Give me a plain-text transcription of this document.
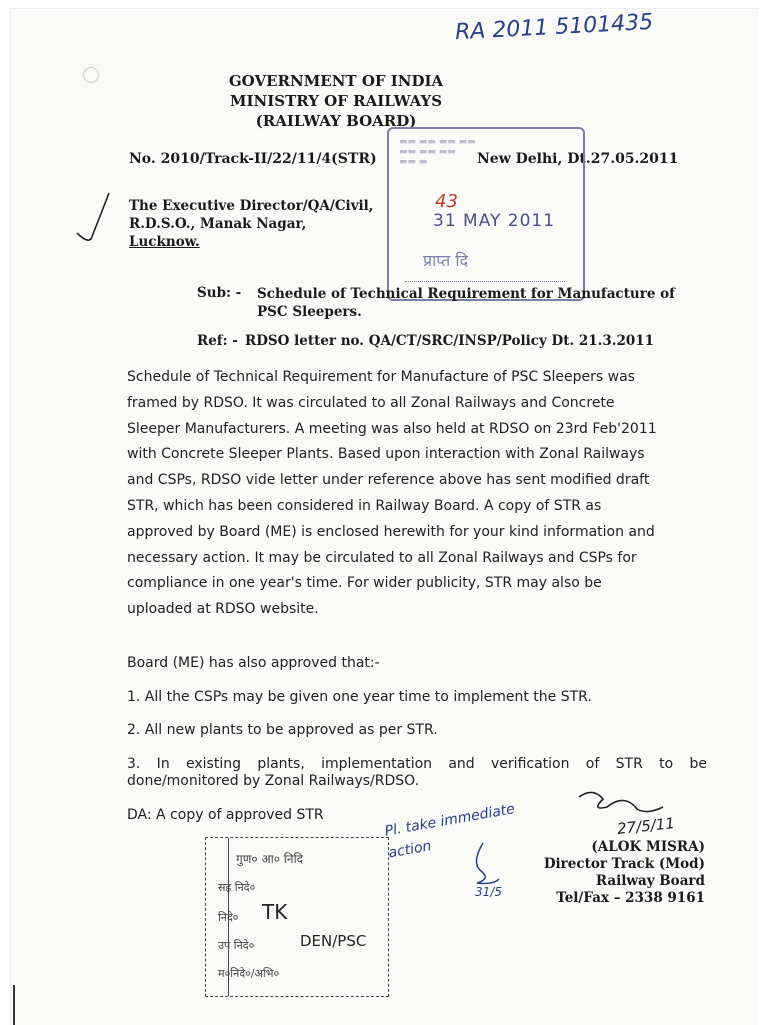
RA 2011 5101435
GOVERNMENT OF INDIA
MINISTRY OF RAILWAYS
(RAILWAY BOARD)
No. 2010/Track-II/22/11/4(STR)	New Delhi, Dt.27.05.2011
The Executive Director/QA/Civil,
R.D.S.O., Manak Nagar,
Lucknow.
▬▬ ▬▬ ▬▬ ▬▬
▬▬ ▬▬ ▬▬
▬▬ ▬
43
31 MAY 2011
प्राप्त दि
Sub: - Schedule of Technical Requirement for Manufacture of
PSC Sleepers.
Ref: - RDSO letter no. QA/CT/SRC/INSP/Policy Dt. 21.3.2011
Schedule of Technical Requirement for Manufacture of PSC Sleepers was
framed by RDSO. It was circulated to all Zonal Railways and Concrete
Sleeper Manufacturers. A meeting was also held at RDSO on 23rd Feb'2011
with Concrete Sleeper Plants. Based upon interaction with Zonal Railways
and CSPs, RDSO vide letter under reference above has sent modified draft
STR, which has been considered in Railway Board. A copy of STR as
approved by Board (ME) is enclosed herewith for your kind information and
necessary action. It may be circulated to all Zonal Railways and CSPs for
compliance in one year's time. For wider publicity, STR may also be
uploaded at RDSO website.
Board (ME) has also approved that:-
1. All the CSPs may be given one year time to implement the STR.
2. All new plants to be approved as per STR.
3. In existing plants, implementation and verification of STR to be
done/monitored by Zonal Railways/RDSO.
DA: A copy of approved STR	27/5/11
Pl. take immediate
action
31/5
(ALOK MISRA)
Director Track (Mod)
Railway Board
Tel/Fax – 2338 9161
गुण० आ० निदि
सह निदे०
निदे० TK
उप निदे०	DEN/PSC
म०निदे०/अभि०
